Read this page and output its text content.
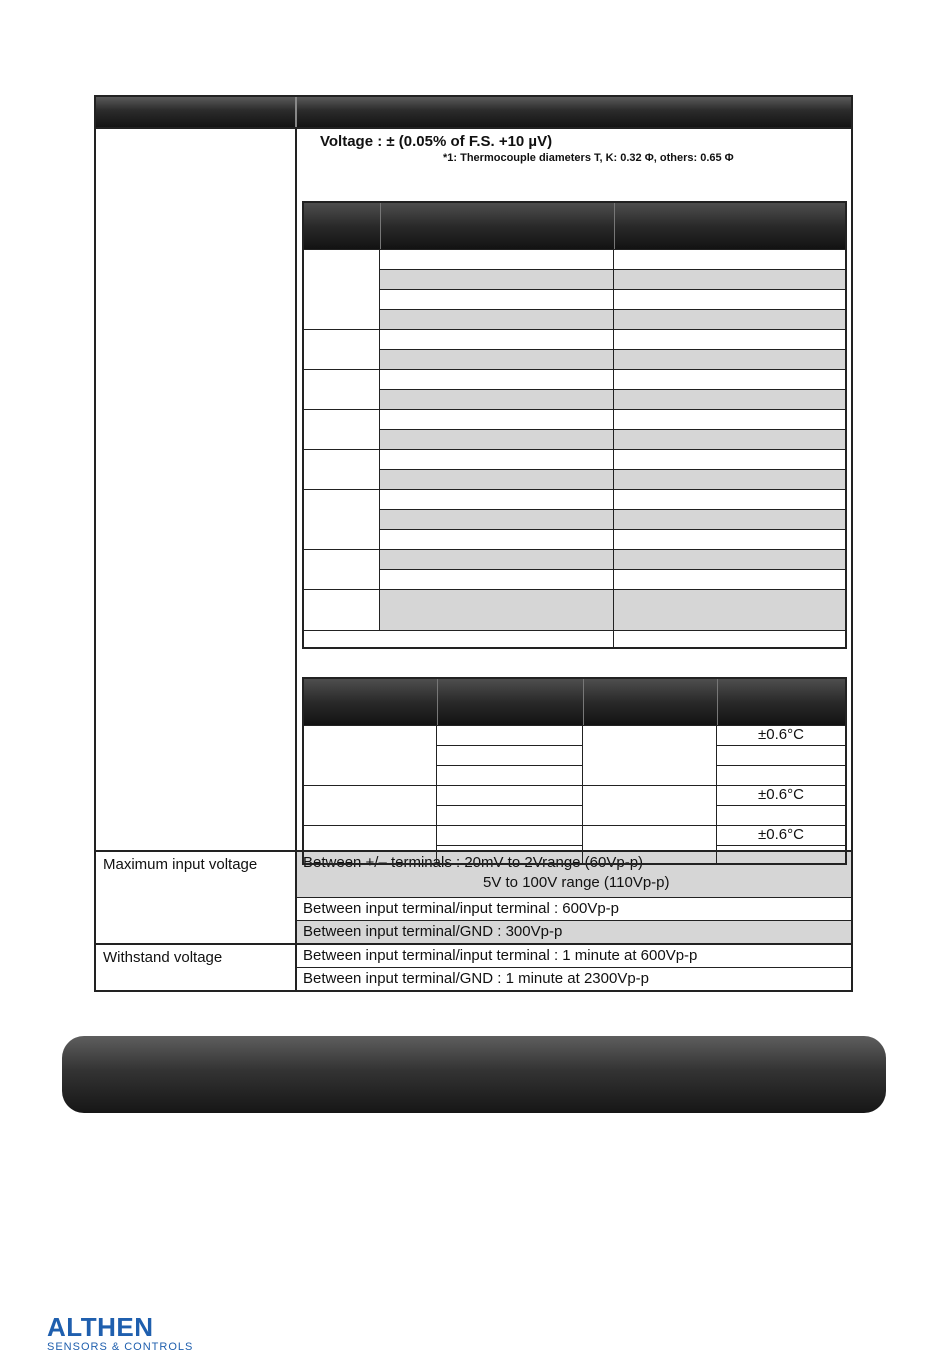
Voltage : ± (0.05% of F.S. +10 µV)
*1: Thermocouple diameters T, K: 0.32 Φ, others: 0.65 Φ
±0.6°C
±0.6°C
±0.6°C
Maximum input voltage	Between +/– terminals : 20mV to 2Vrange (60Vp-p)
5V to 100V range (110Vp-p)
Between input terminal/input terminal : 600Vp-p
Between input terminal/GND : 300Vp-p
Withstand voltage	Between input terminal/input terminal : 1 minute at 600Vp-p
Between input terminal/GND : 1 minute at 2300Vp-p
ALTHEN
SENSORS & CONTROLS
